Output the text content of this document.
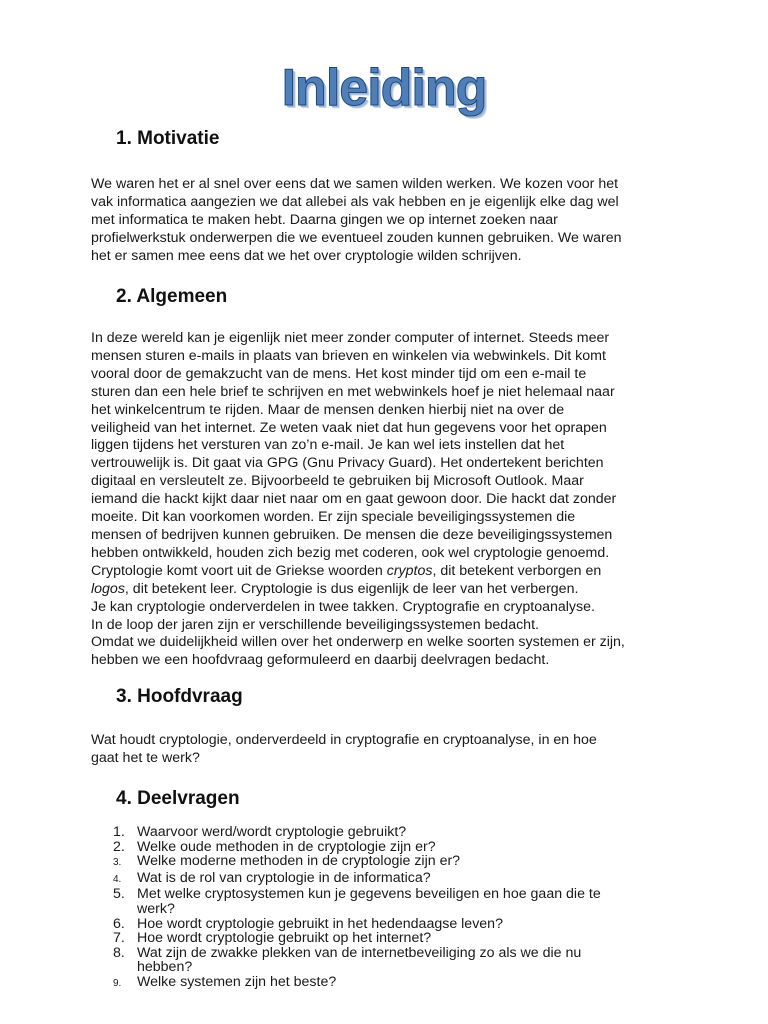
Inleiding
1. Motivatie

We waren het er al snel over eens dat we samen wilden werken. We kozen voor het
vak informatica aangezien we dat allebei als vak hebben en je eigenlijk elke dag wel
met informatica te maken hebt. Daarna gingen we op internet zoeken naar
profielwerkstuk onderwerpen die we eventueel zouden kunnen gebruiken. We waren
het er samen mee eens dat we het over cryptologie wilden schrijven.

2. Algemeen

In deze wereld kan je eigenlijk niet meer zonder computer of internet. Steeds meer
mensen sturen e-mails in plaats van brieven en winkelen via webwinkels. Dit komt
vooral door de gemakzucht van de mens. Het kost minder tijd om een e-mail te
sturen dan een hele brief te schrijven en met webwinkels hoef je niet helemaal naar
het winkelcentrum te rijden. Maar de mensen denken hierbij niet na over de
veiligheid van het internet. Ze weten vaak niet dat hun gegevens voor het oprapen
liggen tijdens het versturen van zo’n e-mail. Je kan wel iets instellen dat het
vertrouwelijk is. Dit gaat via GPG (Gnu Privacy Guard). Het ondertekent berichten
digitaal en versleutelt ze. Bijvoorbeeld te gebruiken bij Microsoft Outlook. Maar
iemand die hackt kijkt daar niet naar om en gaat gewoon door. Die hackt dat zonder
moeite. Dit kan voorkomen worden. Er zijn speciale beveiligingssystemen die
mensen of bedrijven kunnen gebruiken. De mensen die deze beveiligingssystemen
hebben ontwikkeld, houden zich bezig met coderen, ook wel cryptologie genoemd.
Cryptologie komt voort uit de Griekse woorden cryptos, dit betekent verborgen en
logos, dit betekent leer. Cryptologie is dus eigenlijk de leer van het verbergen.
Je kan cryptologie onderverdelen in twee takken. Cryptografie en cryptoanalyse.
In de loop der jaren zijn er verschillende beveiligingssystemen bedacht.
Omdat we duidelijkheid willen over het onderwerp en welke soorten systemen er zijn,
hebben we een hoofdvraag geformuleerd en daarbij deelvragen bedacht.

3. Hoofdvraag

Wat houdt cryptologie, onderverdeeld in cryptografie en cryptoanalyse, in en hoe
gaat het te werk?

4. Deelvragen
1. Waarvoor werd/wordt cryptologie gebruikt?
2. Welke oude methoden in de cryptologie zijn er?
3.	Welke moderne methoden in de cryptologie zijn er?
4.	Wat is de rol van cryptologie in de informatica?
5. Met welke cryptosystemen kun je gegevens beveiligen en hoe gaan die te
werk?
6. Hoe wordt cryptologie gebruikt in het hedendaagse leven?
7. Hoe wordt cryptologie gebruikt op het internet?
8. Wat zijn de zwakke plekken van de internetbeveiliging zo als we die nu
hebben?
9.	Welke systemen zijn het beste?
